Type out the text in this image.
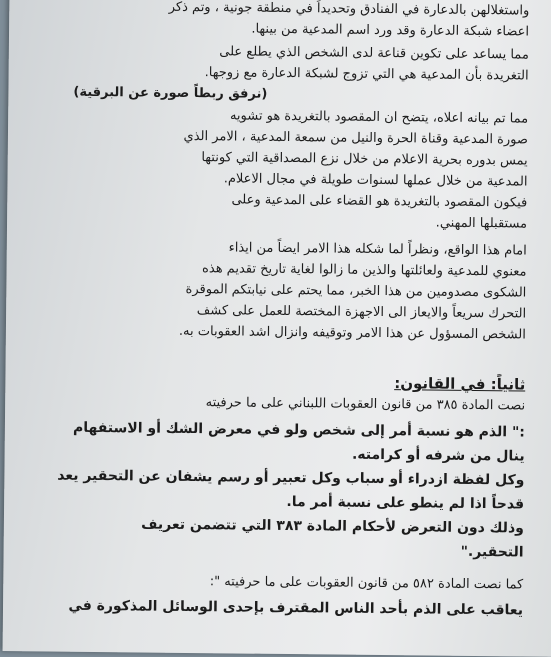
واستغلالهن بالدعارة في الفنادق وتحديداً في منطقة جونية ، وتم ذكر
اعضاء شبكة الدعارة وقد ورد اسم المدعية من بينها.
مما يساعد على تكوين قناعة لدى الشخص الذي يطلع على
التغريدة بأن المدعية هي التي تزوج لشبكة الدعارة مع زوجها.
(نرفق ربطاً صورة عن البرقية)
مما تم بيانه اعلاه، يتضح ان المقصود بالتغريدة هو تشويه
صورة المدعية وقناة الحرة والنيل من سمعة المدعية ، الامر الذي
يمس بدوره بحرية الاعلام من خلال نزع المصداقية التي كونتها
المدعية من خلال عملها لسنوات طويلة في مجال الاعلام.
فيكون المقصود بالتغريدة هو القضاء على المدعية وعلى
مستقبلها المهني.
امام هذا الواقع، ونظراً لما شكله هذا الامر ايضاً من ايذاء
معنوي للمدعية ولعائلتها والذين ما زالوا لغاية تاريخ تقديم هذه
الشكوى مصدومين من هذا الخبر، مما يحتم على نيابتكم الموقرة
التحرك سريعاً والايعاز الى الاجهزة المختصة للعمل على كشف
الشخص المسؤول عن هذا الامر وتوقيفه وانزال اشد العقوبات به.
ثانياً: في القانون:
نصت المادة ٣٨٥ من قانون العقوبات اللبناني على ما حرفيته
:" الذم هو نسبة أمر إلى شخص ولو في معرض الشك أو الاستفهام
ينال من شرفه أو كرامته.
وكل لفظة ازدراء أو سباب وكل تعبير أو رسم يشفان عن التحقير يعد
قدحاً اذا لم ينطو على نسبة أمر ما.
وذلك دون التعرض لأحكام المادة ٣٨٣ التي تتضمن تعريف
التحقير."
كما نصت المادة ٥٨٢ من قانون العقوبات على ما حرفيته ":
يعاقب على الذم بأحد الناس المقترف بإحدى الوسائل المذكورة في
